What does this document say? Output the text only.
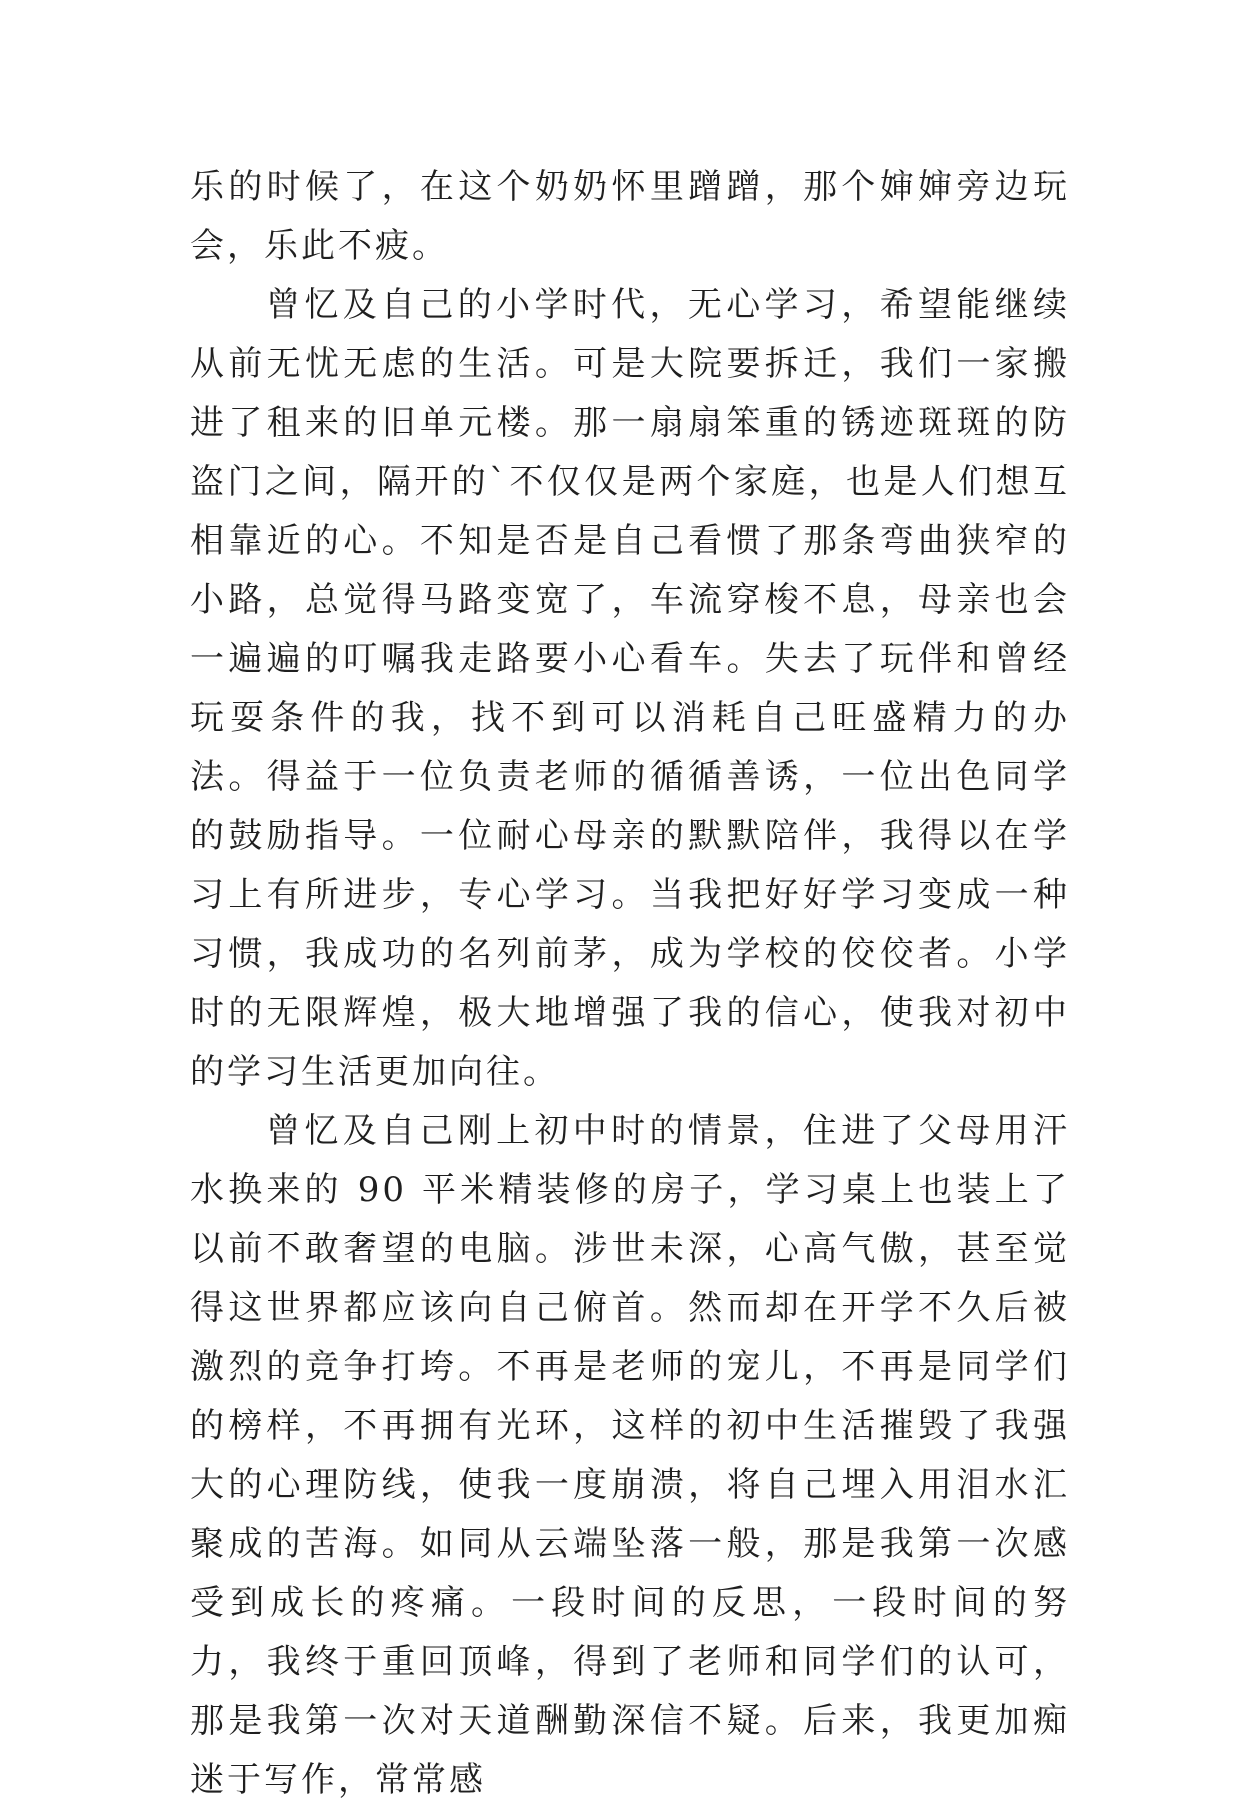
乐的时候了，在这个奶奶怀里蹭蹭，那个婶婶旁边玩会，乐此不疲。

曾忆及自己的小学时代，无心学习，希望能继续从前无忧无虑的生活。可是大院要拆迁，我们一家搬进了租来的旧单元楼。那一扇扇笨重的锈迹斑斑的防盗门之间，隔开的`不仅仅是两个家庭，也是人们想互相靠近的心。不知是否是自己看惯了那条弯曲狭窄的小路，总觉得马路变宽了，车流穿梭不息，母亲也会一遍遍的叮嘱我走路要小心看车。失去了玩伴和曾经玩耍条件的我，找不到可以消耗自己旺盛精力的办法。得益于一位负责老师的循循善诱，一位出色同学的鼓励指导。一位耐心母亲的默默陪伴，我得以在学习上有所进步，专心学习。当我把好好学习变成一种习惯，我成功的名列前茅，成为学校的佼佼者。小学时的无限辉煌，极大地增强了我的信心，使我对初中的学习生活更加向往。

曾忆及自己刚上初中时的情景，住进了父母用汗水换来的 90 平米精装修的房子，学习桌上也装上了以前不敢奢望的电脑。涉世未深，心高气傲，甚至觉得这世界都应该向自己俯首。然而却在开学不久后被激烈的竞争打垮。不再是老师的宠儿，不再是同学们的榜样，不再拥有光环，这样的初中生活摧毁了我强大的心理防线，使我一度崩溃，将自己埋入用泪水汇聚成的苦海。如同从云端坠落一般，那是我第一次感受到成长的疼痛。一段时间的反思，一段时间的努力，我终于重回顶峰，得到了老师和同学们的认可，那是我第一次对天道酬勤深信不疑。后来，我更加痴迷于写作，常常感
